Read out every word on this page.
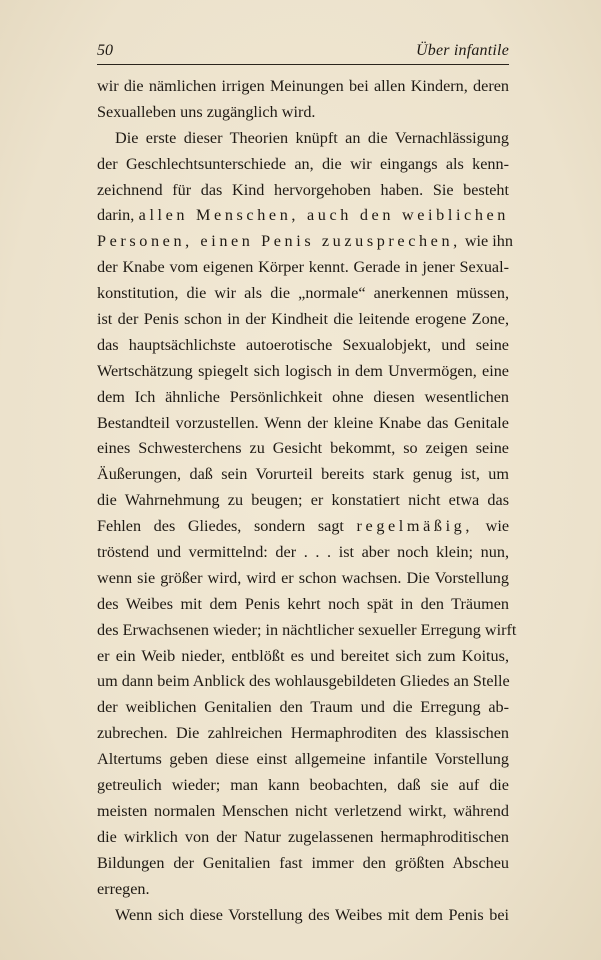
50	Über infantile
wir die nämlichen irrigen Meinungen bei allen Kindern, deren
Sexualleben uns zugänglich wird.
Die erste dieser Theorien knüpft an die Vernachlässigung
der Geschlechtsunterschiede an, die wir eingangs als kenn-
zeichnend für das Kind hervorgehoben haben. Sie besteht
darin, allen Menschen, auch den weiblichen
Personen, einen Penis zuzusprechen, wie ihn
der Knabe vom eigenen Körper kennt. Gerade in jener Sexual-
konstitution, die wir als die „normale“ anerkennen müssen,
ist der Penis schon in der Kindheit die leitende erogene Zone,
das hauptsächlichste autoerotische Sexualobjekt, und seine
Wertschätzung spiegelt sich logisch in dem Unvermögen, eine
dem Ich ähnliche Persönlichkeit ohne diesen wesentlichen
Bestandteil vorzustellen. Wenn der kleine Knabe das Genitale
eines Schwesterchens zu Gesicht bekommt, so zeigen seine
Äußerungen, daß sein Vorurteil bereits stark genug ist, um
die Wahrnehmung zu beugen; er konstatiert nicht etwa das
Fehlen des Gliedes, sondern sagt regelmäßig, wie
tröstend und vermittelnd: der . . . ist aber noch klein; nun,
wenn sie größer wird, wird er schon wachsen. Die Vorstellung
des Weibes mit dem Penis kehrt noch spät in den Träumen
des Erwachsenen wieder; in nächtlicher sexueller Erregung wirft
er ein Weib nieder, entblößt es und bereitet sich zum Koitus,
um dann beim Anblick des wohlausgebildeten Gliedes an Stelle
der weiblichen Genitalien den Traum und die Erregung ab-
zubrechen. Die zahlreichen Hermaphroditen des klassischen
Altertums geben diese einst allgemeine infantile Vorstellung
getreulich wieder; man kann beobachten, daß sie auf die
meisten normalen Menschen nicht verletzend wirkt, während
die wirklich von der Natur zugelassenen hermaphroditischen
Bildungen der Genitalien fast immer den größten Abscheu
erregen.
Wenn sich diese Vorstellung des Weibes mit dem Penis bei
